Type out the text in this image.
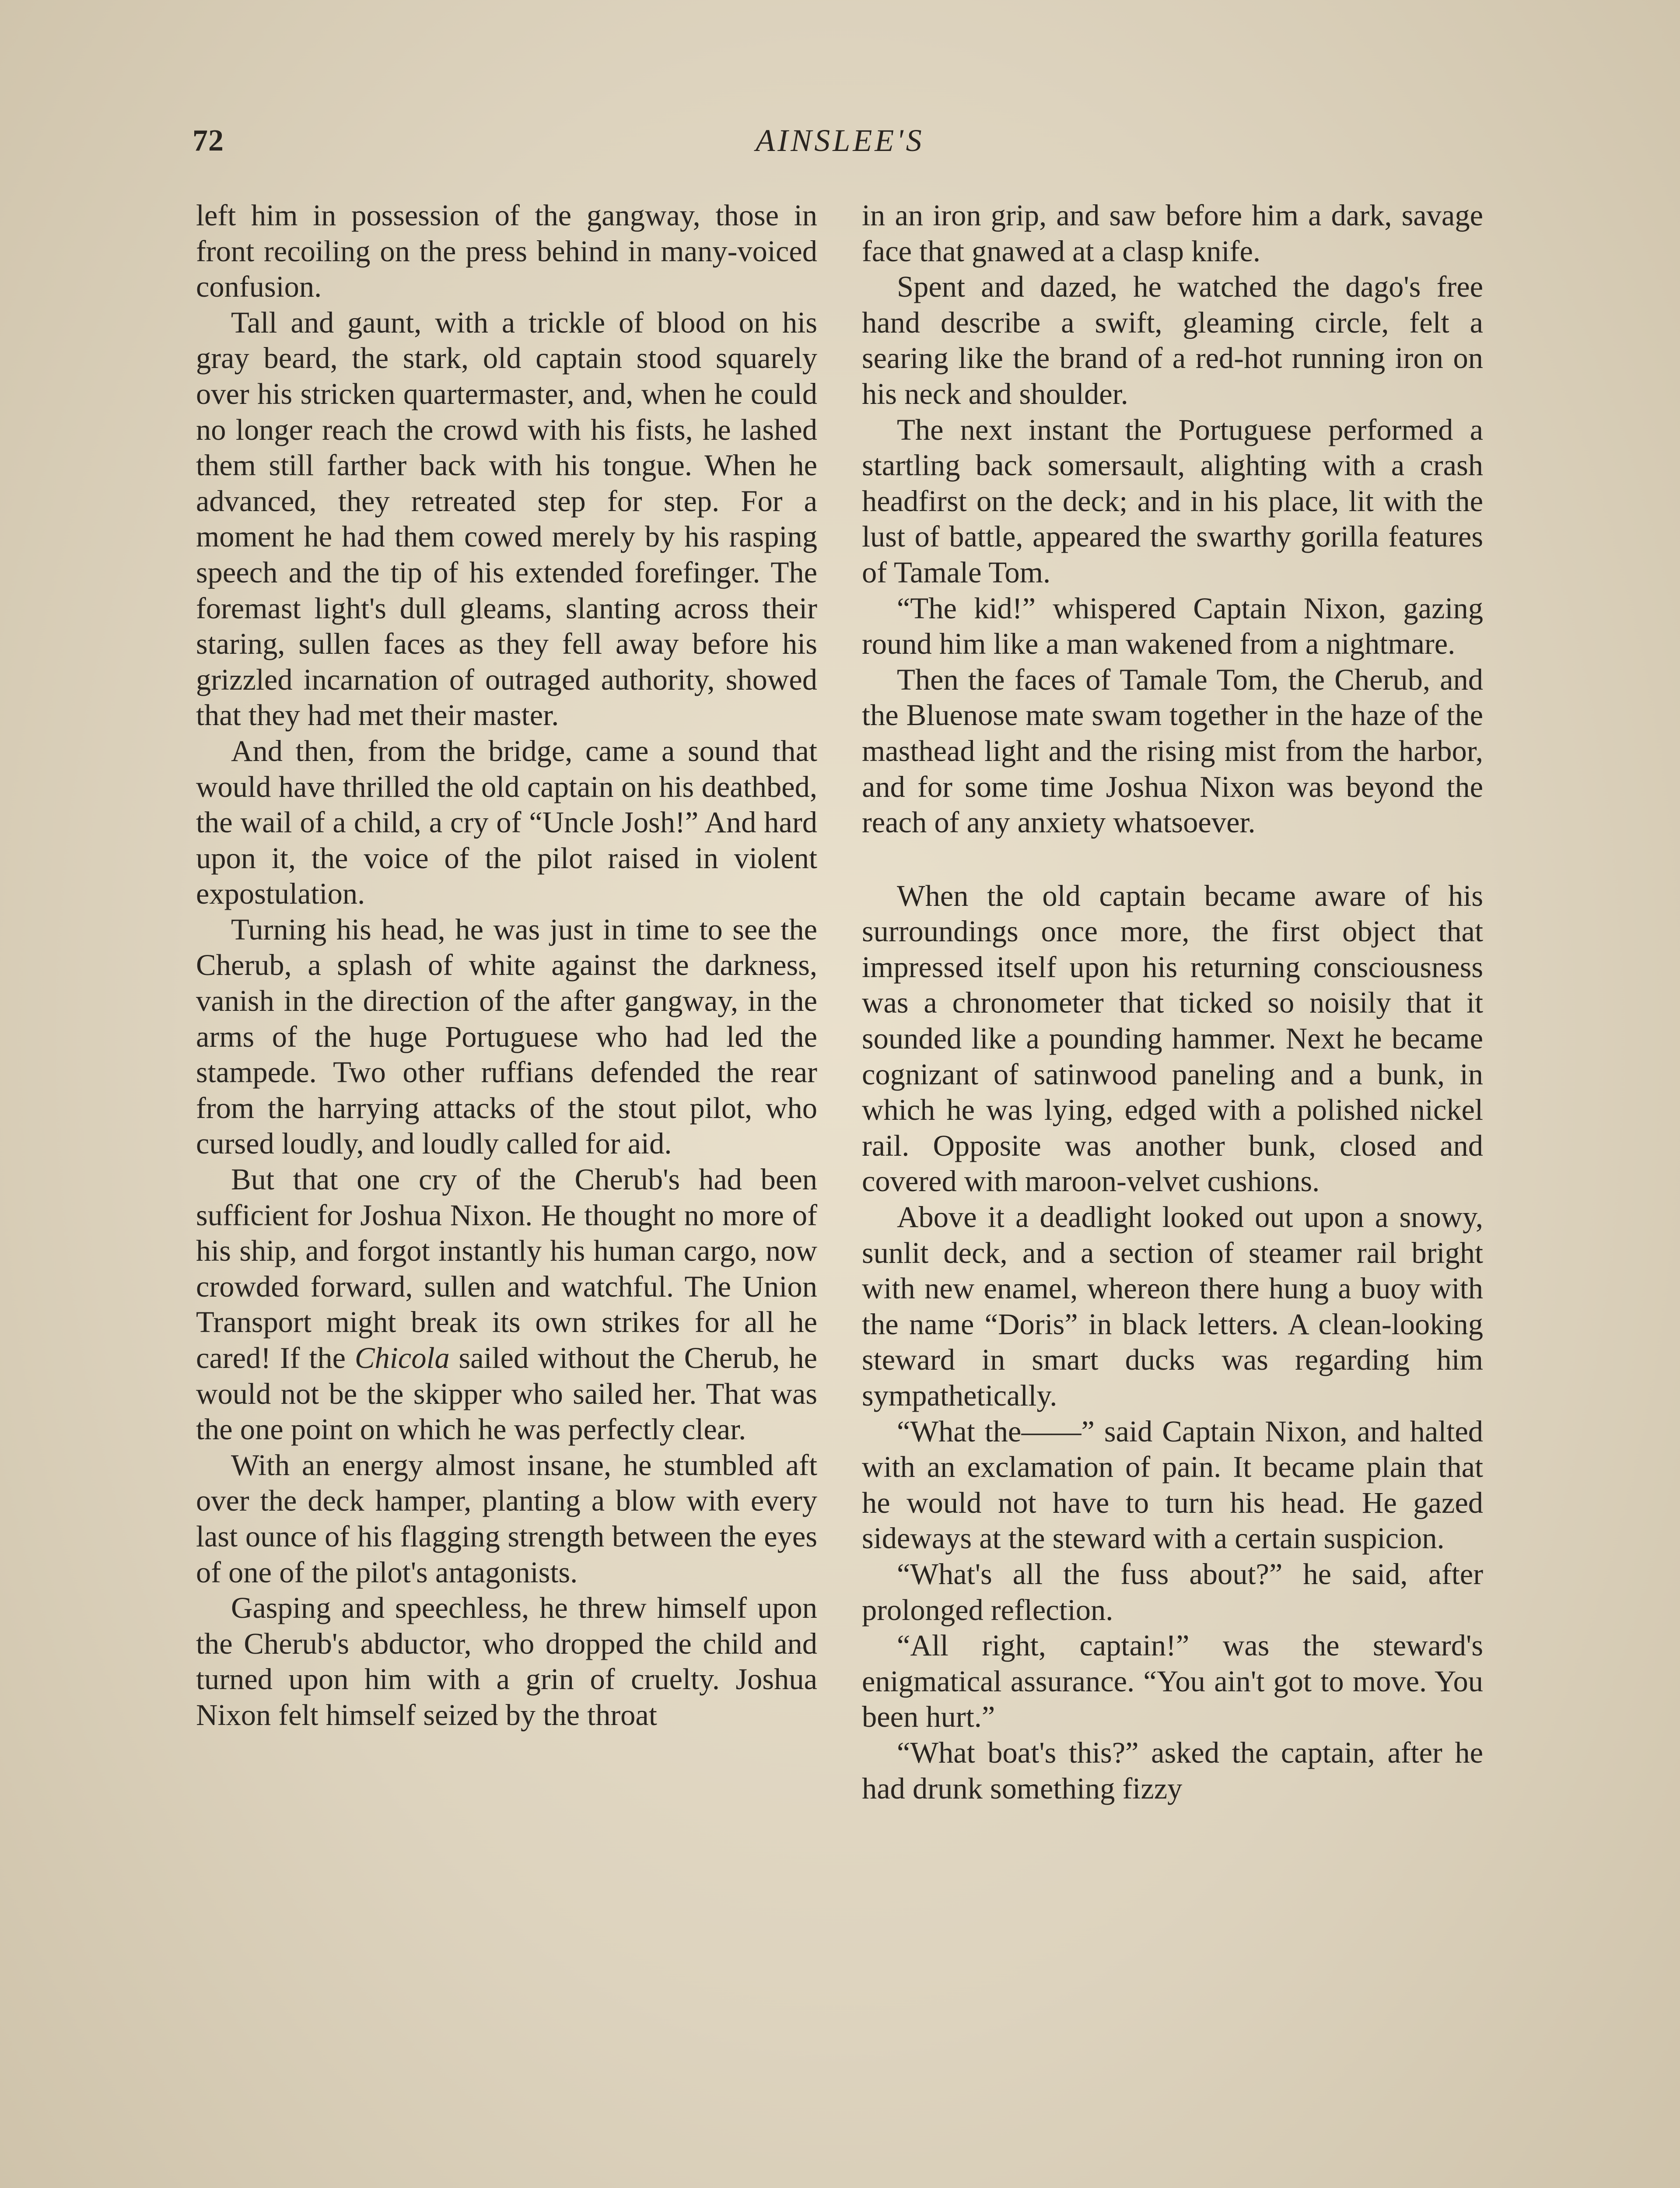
72	AINSLEE'S

left him in possession of the gangway, those in front recoiling on the press behind in many-voiced confusion.

Tall and gaunt, with a trickle of blood on his gray beard, the stark, old captain stood squarely over his stricken quartermaster, and, when he could no longer reach the crowd with his fists, he lashed them still farther back with his tongue. When he advanced, they retreated step for step. For a moment he had them cowed merely by his rasping speech and the tip of his extended forefinger. The foremast light's dull gleams, slanting across their staring, sullen faces as they fell away before his grizzled incarnation of outraged authority, showed that they had met their master.

And then, from the bridge, came a sound that would have thrilled the old captain on his deathbed, the wail of a child, a cry of “Uncle Josh!” And hard upon it, the voice of the pilot raised in violent expostulation.

Turning his head, he was just in time to see the Cherub, a splash of white against the darkness, vanish in the direction of the after gangway, in the arms of the huge Portuguese who had led the stampede. Two other ruffians defended the rear from the harrying attacks of the stout pilot, who cursed loudly, and loudly called for aid.

But that one cry of the Cherub's had been sufficient for Joshua Nixon. He thought no more of his ship, and forgot instantly his human cargo, now crowded forward, sullen and watchful. The Union Transport might break its own strikes for all he cared! If the Chicola sailed without the Cherub, he would not be the skipper who sailed her. That was the one point on which he was perfectly clear.

With an energy almost insane, he stumbled aft over the deck hamper, planting a blow with every last ounce of his flagging strength between the eyes of one of the pilot's antagonists.

Gasping and speechless, he threw himself upon the Cherub's abductor, who dropped the child and turned upon him with a grin of cruelty. Joshua Nixon felt himself seized by the throat

in an iron grip, and saw before him a dark, savage face that gnawed at a clasp knife.

Spent and dazed, he watched the dago's free hand describe a swift, gleaming circle, felt a searing like the brand of a red-hot running iron on his neck and shoulder.

The next instant the Portuguese performed a startling back somersault, alighting with a crash headfirst on the deck; and in his place, lit with the lust of battle, appeared the swarthy gorilla features of Tamale Tom.

“The kid!” whispered Captain Nixon, gazing round him like a man wakened from a nightmare.

Then the faces of Tamale Tom, the Cherub, and the Bluenose mate swam together in the haze of the masthead light and the rising mist from the harbor, and for some time Joshua Nixon was beyond the reach of any anxiety whatsoever.

When the old captain became aware of his surroundings once more, the first object that impressed itself upon his returning consciousness was a chronometer that ticked so noisily that it sounded like a pounding hammer. Next he became cognizant of satinwood paneling and a bunk, in which he was lying, edged with a polished nickel rail. Opposite was another bunk, closed and covered with maroon-velvet cushions.

Above it a deadlight looked out upon a snowy, sunlit deck, and a section of steamer rail bright with new enamel, whereon there hung a buoy with the name “Doris” in black letters. A clean-looking steward in smart ducks was regarding him sympathetically.

“What the——” said Captain Nixon, and halted with an exclamation of pain. It became plain that he would not have to turn his head. He gazed sideways at the steward with a certain suspicion.

“What's all the fuss about?” he said, after prolonged reflection.

“All right, captain!” was the steward's enigmatical assurance. “You ain't got to move. You been hurt.”

“What boat's this?” asked the captain, after he had drunk something fizzy
